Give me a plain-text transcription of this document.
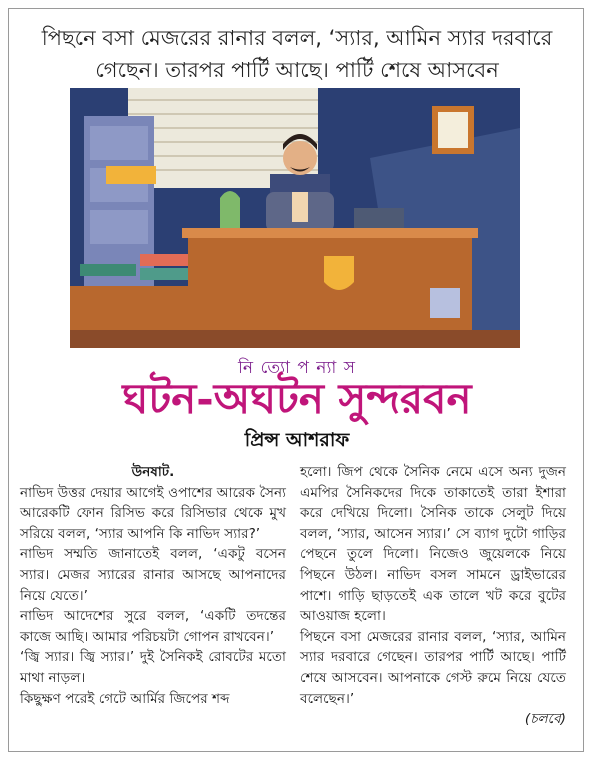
পিছনে বসা মেজরের রানার বলল, ‘স্যার, আমিন স্যার দরবারে গেছেন। তারপর পার্টি আছে। পার্টি শেষে আসবেন
নি ত্যো প ন্যা স
ঘটন-অঘটন সুন্দরবন
প্রিন্স আশরাফ

উনষাট.

নাভিদ উত্তর দেয়ার আগেই ওপাশের আরেক সৈন্য আরেকটি ফোন রিসিভ করে রিসিভার থেকে মুখ সরিয়ে বলল, ‘স্যার আপনি কি নাভিদ স্যার?’

নাভিদ সম্মতি জানাতেই বলল, ‘একটু বসেন স্যার। মেজর স্যারের রানার আসছে আপনাদের নিয়ে যেতে।’

নাভিদ আদেশের সুরে বলল, ‘একটি তদন্তের কাজে আছি। আমার পরিচয়টা গোপন রাখবেন।’

‘জ্বি স্যার। জ্বি স্যার।’ দুই সৈনিকই রোবটের মতো মাথা নাড়ল।

কিছুক্ষণ পরেই গেটে আর্মির জিপের শব্দ

হলো। জিপ থেকে সৈনিক নেমে এসে অন্য দুজন এমপির সৈনিকদের দিকে তাকাতেই তারা ইশারা করে দেখিয়ে দিলো। সৈনিক তাকে সেলুট দিয়ে বলল, ‘স্যার, আসেন স্যার।’ সে ব্যাগ দুটো গাড়ির পেছনে তুলে দিলো। নিজেও জুয়েলকে নিয়ে পিছনে উঠল। নাভিদ বসল সামনে ড্রাইভারের পাশে। গাড়ি ছাড়তেই এক তালে খট করে বুটের আওয়াজ হলো।

পিছনে বসা মেজরের রানার বলল, ‘স্যার, আমিন স্যার দরবারে গেছেন। তারপর পার্টি আছে। পার্টি শেষে আসবেন। আপনাকে গেস্ট রুমে নিয়ে যেতে বলেছেন।’

(চলবে)
